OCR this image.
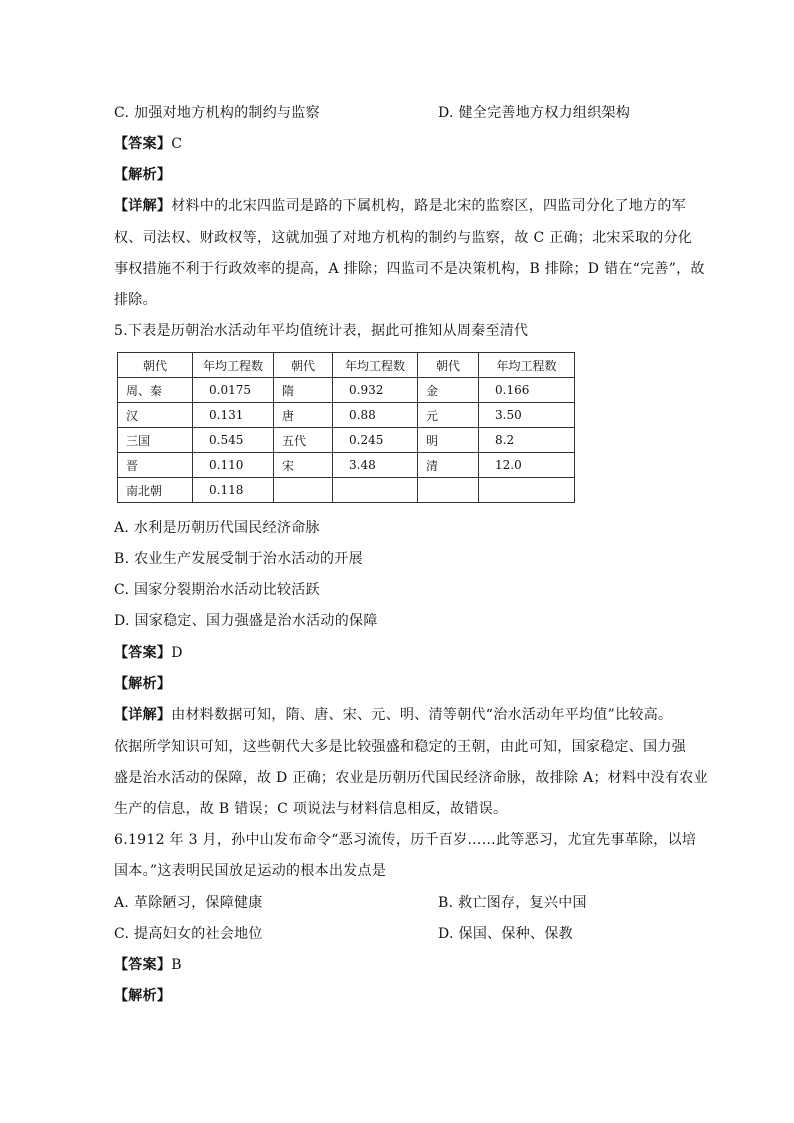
C. 加强对地方机构的制约与监察	D. 健全完善地方权力组织架构
【答案】C
【解析】
【详解】材料中的北宋四监司是路的下属机构，路是北宋的监察区，四监司分化了地方的军
权、司法权、财政权等，这就加强了对地方机构的制约与监察，故 C 正确；北宋采取的分化
事权措施不利于行政效率的提高，A 排除；四监司不是决策机构，B 排除；D 错在“完善”，故
排除。
5.下表是历朝治水活动年平均值统计表，据此可推知从周秦至清代
朝代	年均工程数	朝代	年均工程数	朝代	年均工程数
周、秦	0.0175	隋	0.932	金	0.166
汉	0.131	唐	0.88	元	3.50
三国	0.545	五代	0.245	明	8.2
晋	0.110	宋	3.48	清	12.0
南北朝	0.118				
A. 水利是历朝历代国民经济命脉
B. 农业生产发展受制于治水活动的开展
C. 国家分裂期治水活动比较活跃
D. 国家稳定、国力强盛是治水活动的保障
【答案】D
【解析】
【详解】由材料数据可知，隋、唐、宋、元、明、清等朝代“治水活动年平均值”比较高。
依据所学知识可知，这些朝代大多是比较强盛和稳定的王朝，由此可知，国家稳定、国力强
盛是治水活动的保障，故 D 正确；农业是历朝历代国民经济命脉，故排除 A；材料中没有农业
生产的信息，故 B 错误；C 项说法与材料信息相反，故错误。
6.1912 年 3 月，孙中山发布命令“恶习流传，历千百岁……此等恶习，尤宜先事革除，以培
国本。”这表明民国放足运动的根本出发点是
A. 革除陋习，保障健康	B. 救亡图存，复兴中国
C. 提高妇女的社会地位	D. 保国、保种、保教
【答案】B
【解析】
